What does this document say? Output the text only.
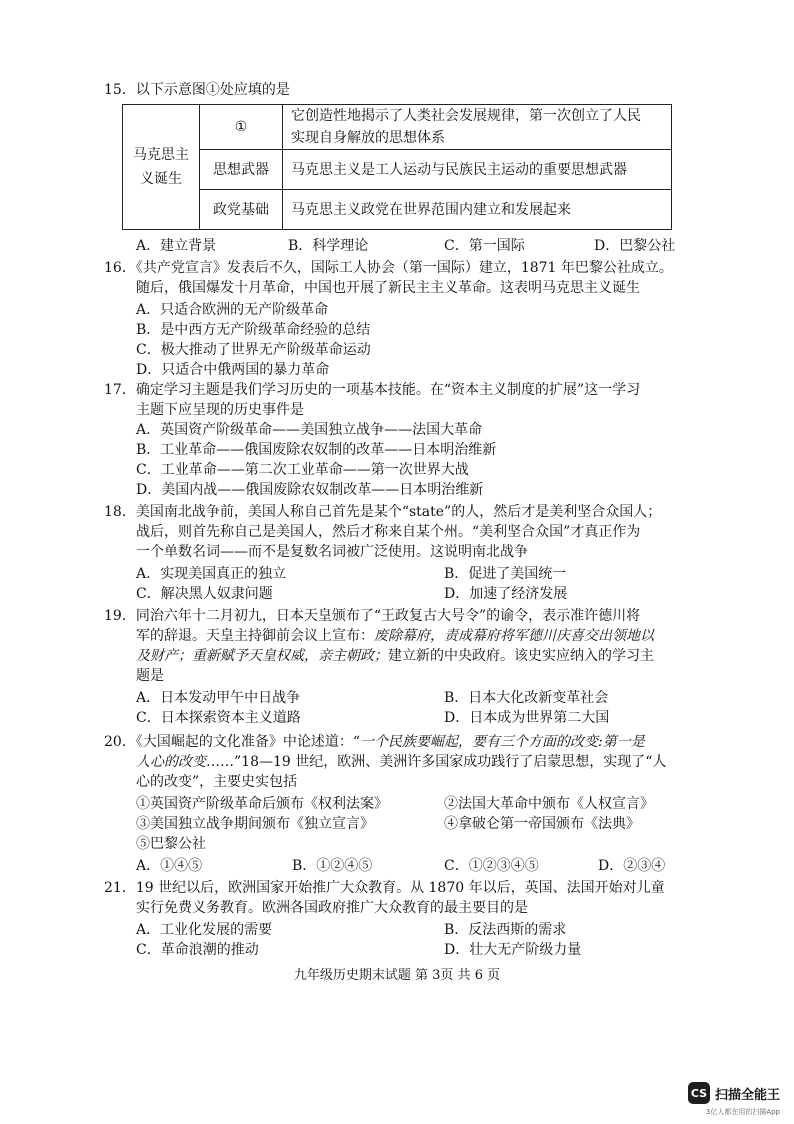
15．以下示意图①处应填的是
马克思主义诞生	①	它创造性地揭示了人类社会发展规律，第一次创立了人民
实现自身解放的思想体系

	思想武器	马克思主义是工人运动与民族民主运动的重要思想武器
	政党基础	马克思主义政党在世界范围内建立和发展起来
A．建立背景	B．科学理论	C．第一国际	D．巴黎公社
16．《共产党宣言》发表后不久，国际工人协会（第一国际）建立，1871 年巴黎公社成立。
随后，俄国爆发十月革命，中国也开展了新民主主义革命。这表明马克思主义诞生
A．只适合欧洲的无产阶级革命
B．是中西方无产阶级革命经验的总结
C．极大推动了世界无产阶级革命运动
D．只适合中俄两国的暴力革命
17．确定学习主题是我们学习历史的一项基本技能。在“资本主义制度的扩展”这一学习
主题下应呈现的历史事件是
A．英国资产阶级革命——美国独立战争——法国大革命
B．工业革命——俄国废除农奴制的改革——日本明治维新
C．工业革命——第二次工业革命——第一次世界大战
D．美国内战——俄国废除农奴制改革——日本明治维新
18．美国南北战争前，美国人称自己首先是某个“state”的人，然后才是美利坚合众国人；
战后，则首先称自己是美国人，然后才称来自某个州。“美利坚合众国”才真正作为
一个单数名词——而不是复数名词被广泛使用。这说明南北战争
A．实现美国真正的独立	B．促进了美国统一
C．解决黑人奴隶问题	D．加速了经济发展
19．同治六年十二月初九，日本天皇颁布了“王政复古大号令”的谕令，表示准许德川将
军的辞退。天皇主持御前会议上宣布：废除幕府，责成幕府将军德川庆喜交出领地以
及财产；重新赋予天皇权威，亲主朝政；建立新的中央政府。该史实应纳入的学习主
题是
A．日本发动甲午中日战争	B．日本大化改新变革社会
C．日本探索资本主义道路	D．日本成为世界第二大国
20．《大国崛起的文化准备》中论述道：“一个民族要崛起，要有三个方面的改变:第一是
人心的改变……”18—19 世纪，欧洲、美洲许多国家成功践行了启蒙思想，实现了“人
心的改变”，主要史实包括
①英国资产阶级革命后颁布《权利法案》	②法国大革命中颁布《人权宣言》
③美国独立战争期间颁布《独立宣言》	④拿破仑第一帝国颁布《法典》
⑤巴黎公社
A．①④⑤	B．①②④⑤	C．①②③④⑤	D．②③④
21．19 世纪以后，欧洲国家开始推广大众教育。从 1870 年以后，英国、法国开始对儿童
实行免费义务教育。欧洲各国政府推广大众教育的最主要目的是
A．工业化发展的需要	B．反法西斯的需求
C．革命浪潮的推动	D．壮大无产阶级力量
九年级历史期末试题 第 3页 共 6 页
CS 扫描全能王
3亿人都在用的扫描App
